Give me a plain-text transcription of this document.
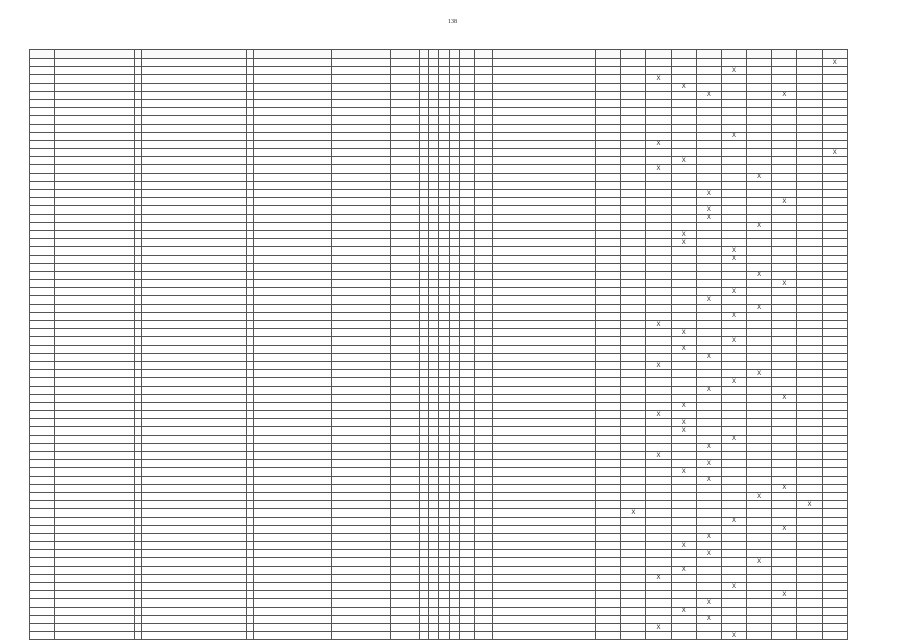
138

																								X
																				X				
																	X							
																		X						
																			X			X		

																				X				
																	X							
																								X
																		X						
																	X							
																					X			

																			X					
																						X		
																			X					
																			X					
																					X			
																		X						
																		X						
																				X				
																				X				

																					X			
																						X		
																				X				
																			X					
																					X			
																				X				
																	X							
																		X						
																				X				
																		X						
																			X					
																	X							
																					X			
																				X				
																			X					
																						X		
																		X						
																	X							
																		X						
																		X						
																				X				
																			X					
																	X							
																			X					
																		X						
																			X					
																						X		
																					X			
																							X	
																X								
																				X				
																						X		
																			X					
																		X						
																			X					
																					X			
																		X						
																	X							
																				X				
																						X		
																			X					
																		X						
																			X					
																	X							
																				X				
